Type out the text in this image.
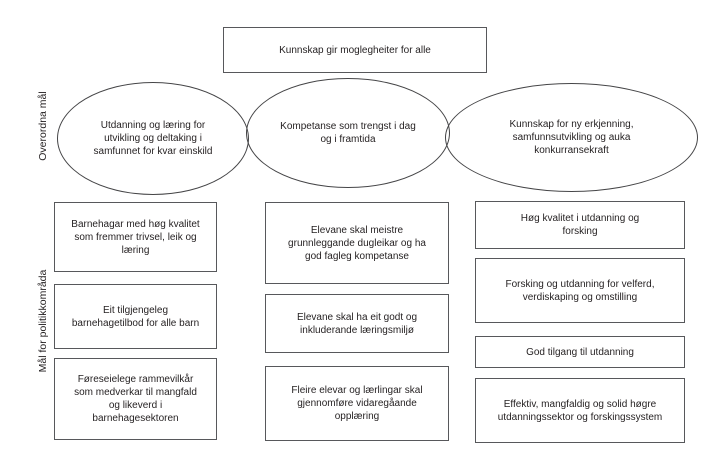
Overordna mål
Mål for politikkområda
Kunnskap gir moglegheiter for alle
Utdanning og læring for utvikling og deltaking i samfunnet for kvar einskild
Kompetanse som trengst i dag og i framtida
Kunnskap for ny erkjenning, samfunnsutvikling og auka konkurransekraft
Barnehagar med høg kvalitet som fremmer trivsel, leik og læring
Eit tilgjengeleg barnehagetilbod for alle barn
Føreseielege rammevilkår som medverkar til mangfald og likeverd i barnehagesektoren
Elevane skal meistre grunnleggande dugleikar og ha god fagleg kompetanse
Elevane skal ha eit godt og inkluderande læringsmiljø
Fleire elevar og lærlingar skal gjennomføre vidaregåande opplæring
Høg kvalitet i utdanning og forsking
Forsking og utdanning for velferd, verdiskaping og omstilling
God tilgang til utdanning
Effektiv, mangfaldig og solid høgre utdanningssektor og forskingssystem
